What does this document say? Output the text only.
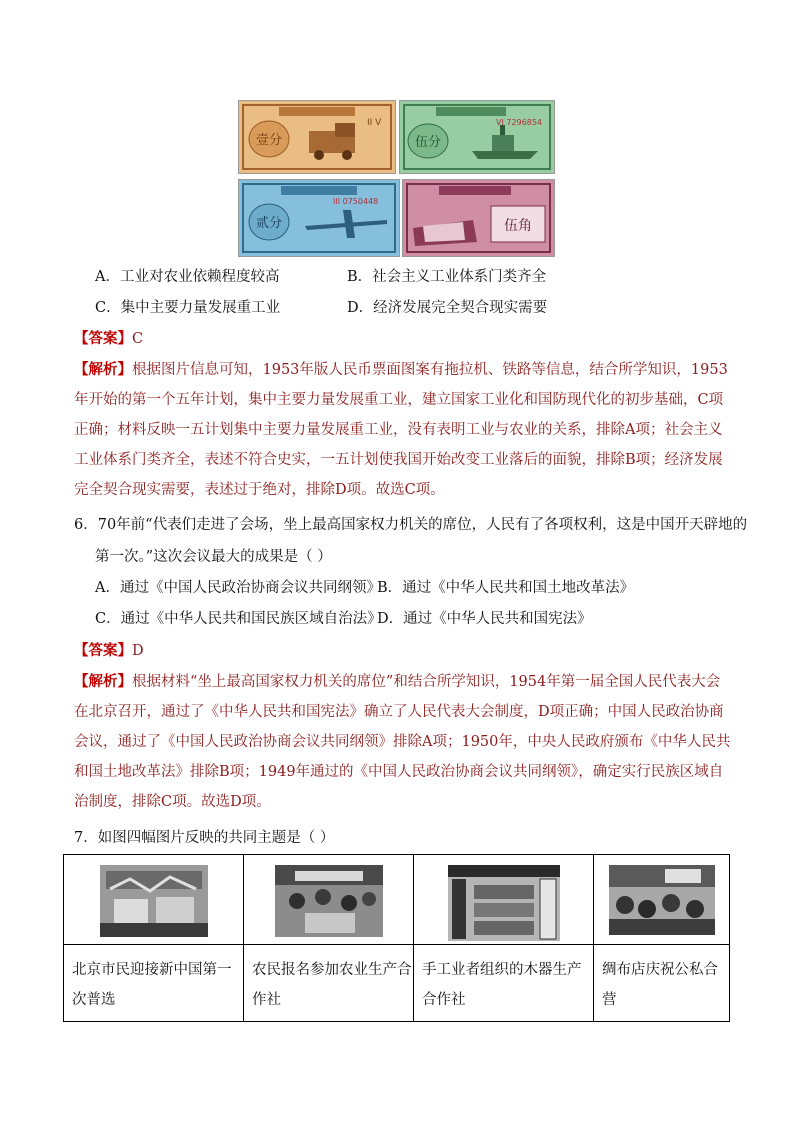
壹分
II V
伍分
VI 7296854
贰分
III 0750448
伍角
A．工业对农业依赖程度较高	B．社会主义工业体系门类齐全
C．集中主要力量发展重工业	D．经济发展完全契合现实需要
【答案】C
【解析】根据图片信息可知，1953年版人民币票面图案有拖拉机、铁路等信息，结合所学知识，1953年开始的第一个五年计划，集中主要力量发展重工业，建立国家工业化和国防现代化的初步基础，C项正确；材料反映一五计划集中主要力量发展重工业，没有表明工业与农业的关系，排除A项；社会主义工业体系门类齐全，表述不符合史实，一五计划使我国开始改变工业落后的面貌，排除B项；经济发展完全契合现实需要，表述过于绝对，排除D项。故选C项。
6．70年前“代表们走进了会场，坐上最高国家权力机关的席位，人民有了各项权利，这是中国开天辟地的
第一次。”这次会议最大的成果是（ ）
A．通过《中国人民政治协商会议共同纲领》
B．通过《中华人民共和国土地改革法》
C．通过《中华人民共和国民族区域自治法》
D．通过《中华人民共和国宪法》
【答案】D
【解析】根据材料“坐上最高国家权力机关的席位”和结合所学知识，1954年第一届全国人民代表大会在北京召开，通过了《中华人民共和国宪法》确立了人民代表大会制度，D项正确；中国人民政治协商会议，通过了《中国人民政治协商会议共同纲领》排除A项；1950年，中央人民政府颁布《中华人民共和国土地改革法》排除B项；1949年通过的《中国人民政治协商会议共同纲领》，确定实行民族区域自治制度，排除C项。故选D项。
7．如图四幅图片反映的共同主题是（ ）
北京市民迎接新中国第一次普选
农民报名参加农业生产合作社
手工业者组织的木器生产合作社
绸布店庆祝公私合营
